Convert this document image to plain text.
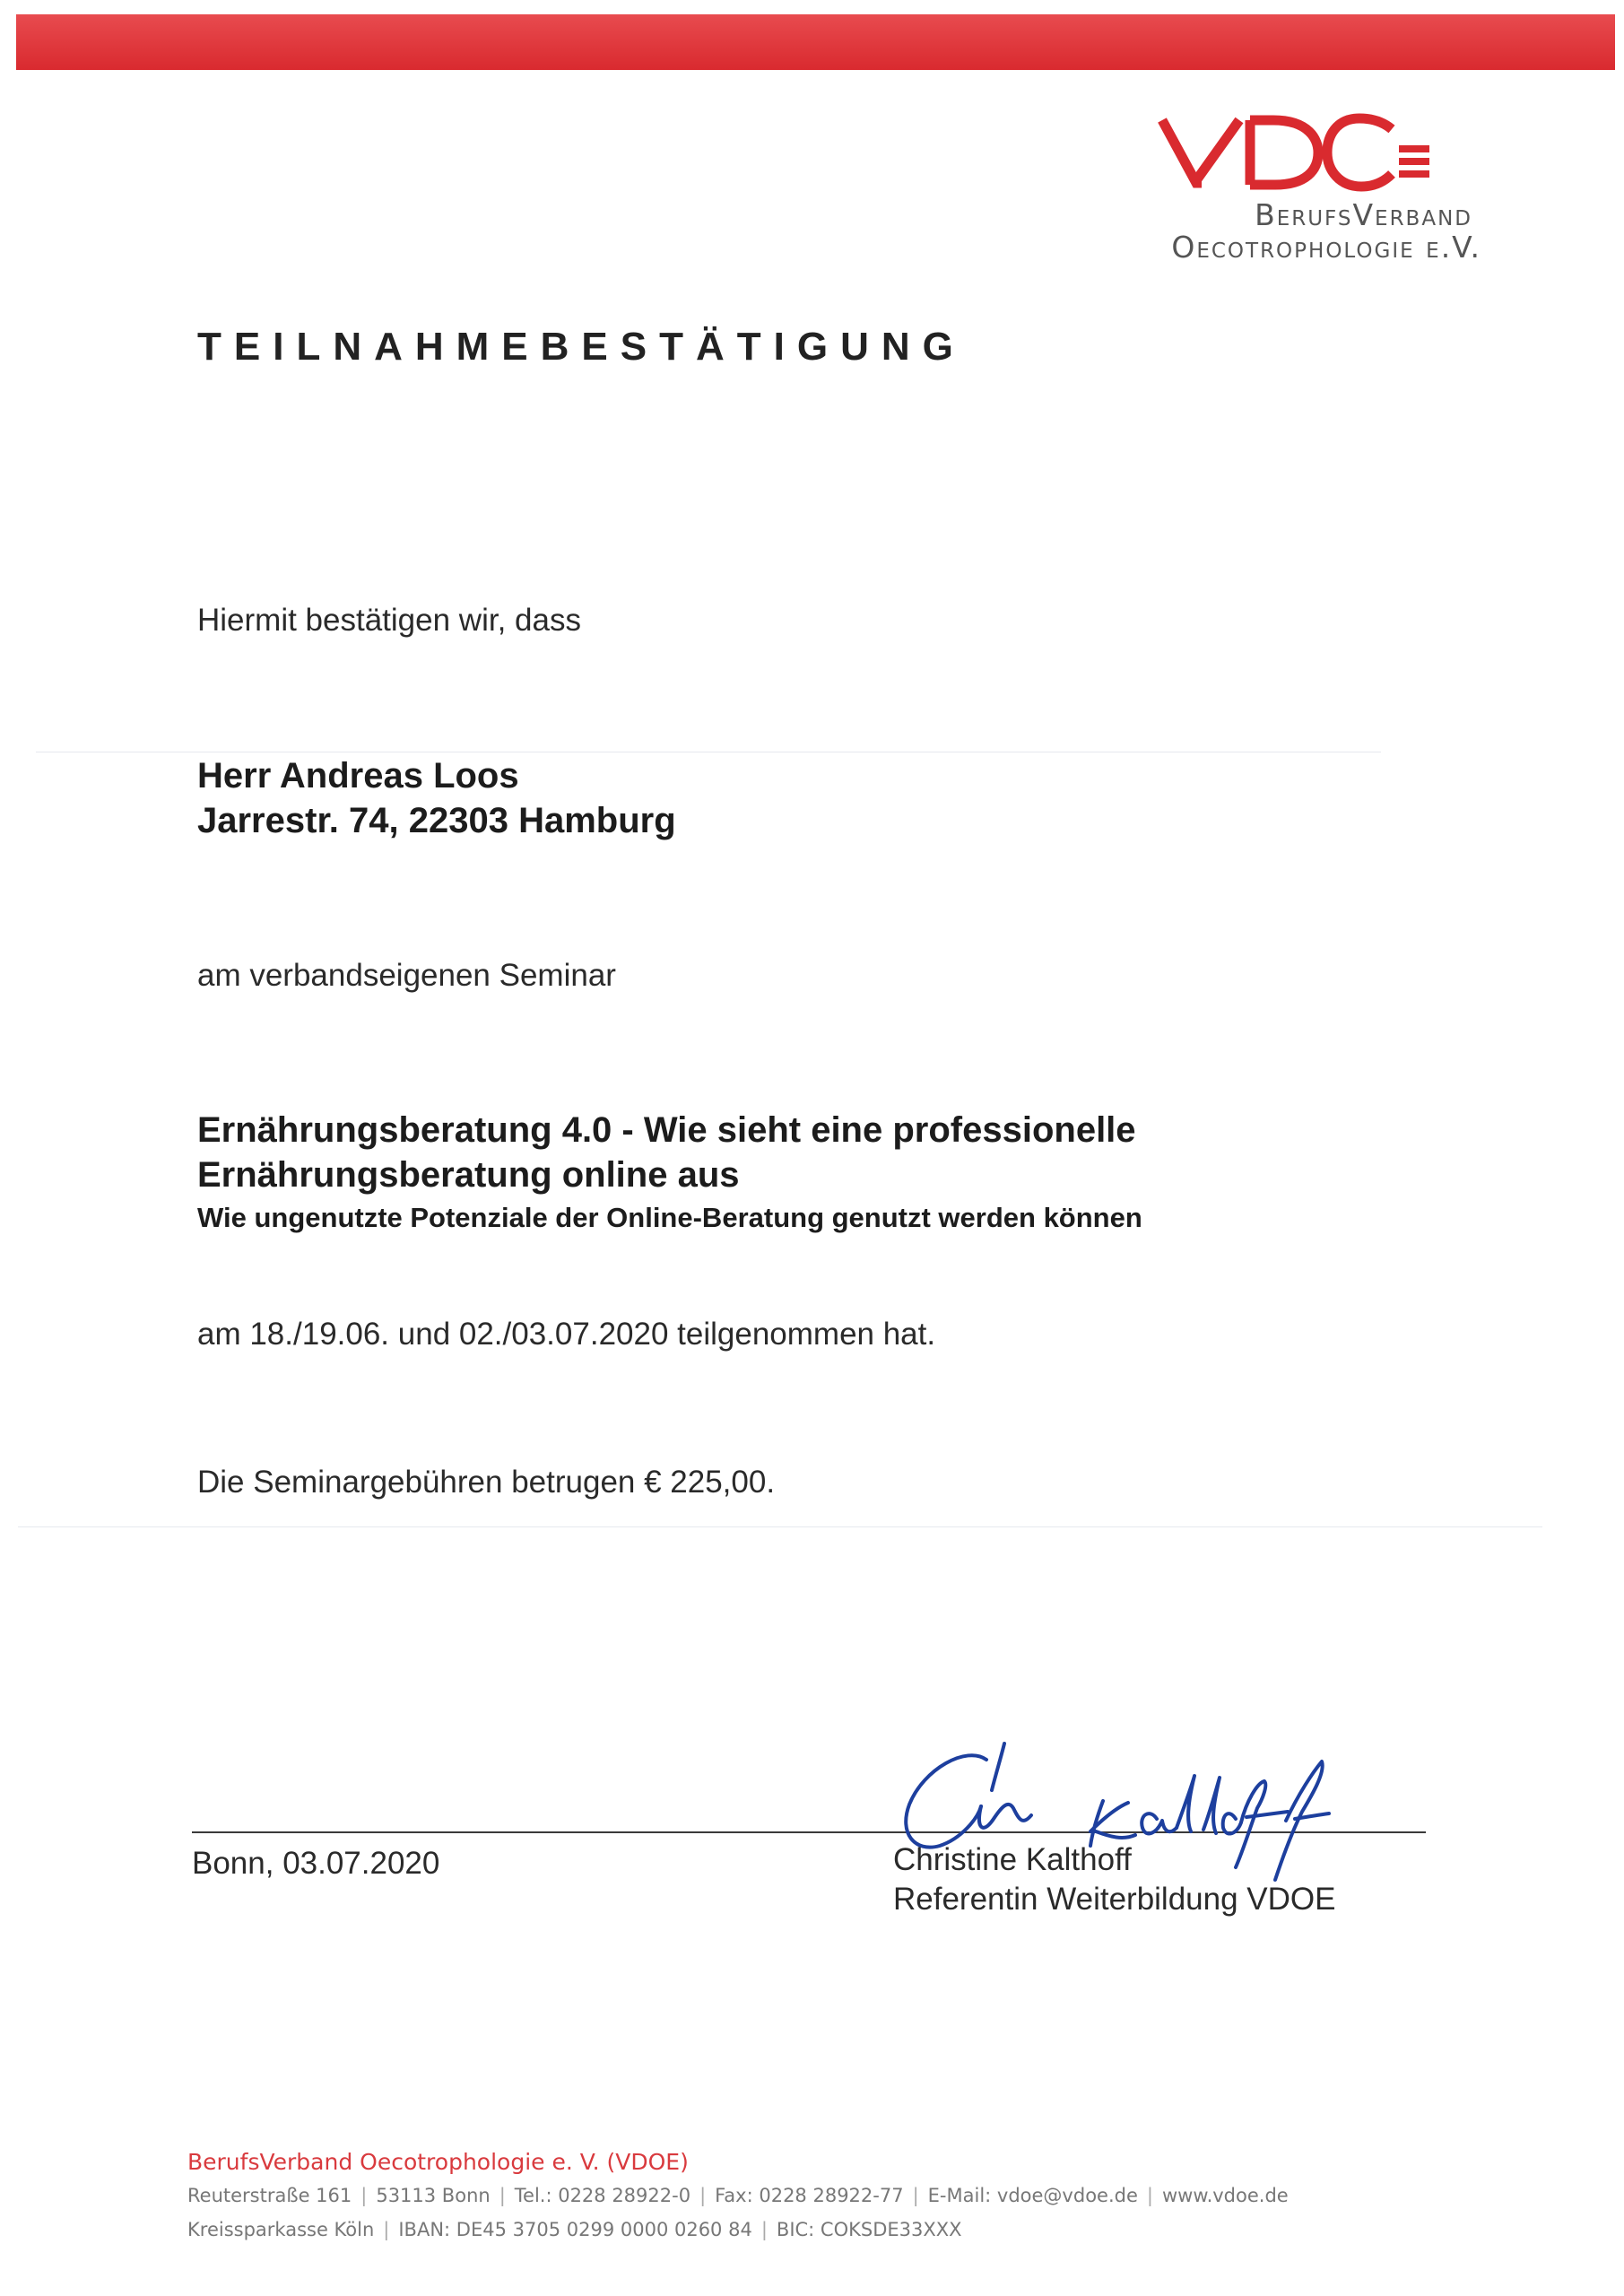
BerufsVerband
Oecotrophologie e.V.
TEILNAHMEBESTÄTIGUNG
Hiermit bestätigen wir, dass
Herr Andreas Loos
Jarrestr. 74, 22303 Hamburg
am verbandseigenen Seminar
Ernährungsberatung 4.0 - Wie sieht eine professionelle
Ernährungsberatung online aus
Wie ungenutzte Potenziale der Online-Beratung genutzt werden können
am 18./19.06. und 02./03.07.2020 teilgenommen hat.
Die Seminargebühren betrugen € 225,00.
Bonn, 03.07.2020	Christine Kalthoff
Referentin Weiterbildung VDOE
BerufsVerband Oecotrophologie e. V. (VDOE)
Reuterstraße 161 | 53113 Bonn | Tel.: 0228 28922-0 | Fax: 0228 28922-77 | E-Mail: vdoe@vdoe.de | www.vdoe.de
Kreissparkasse Köln | IBAN: DE45 3705 0299 0000 0260 84 | BIC: COKSDE33XXX
